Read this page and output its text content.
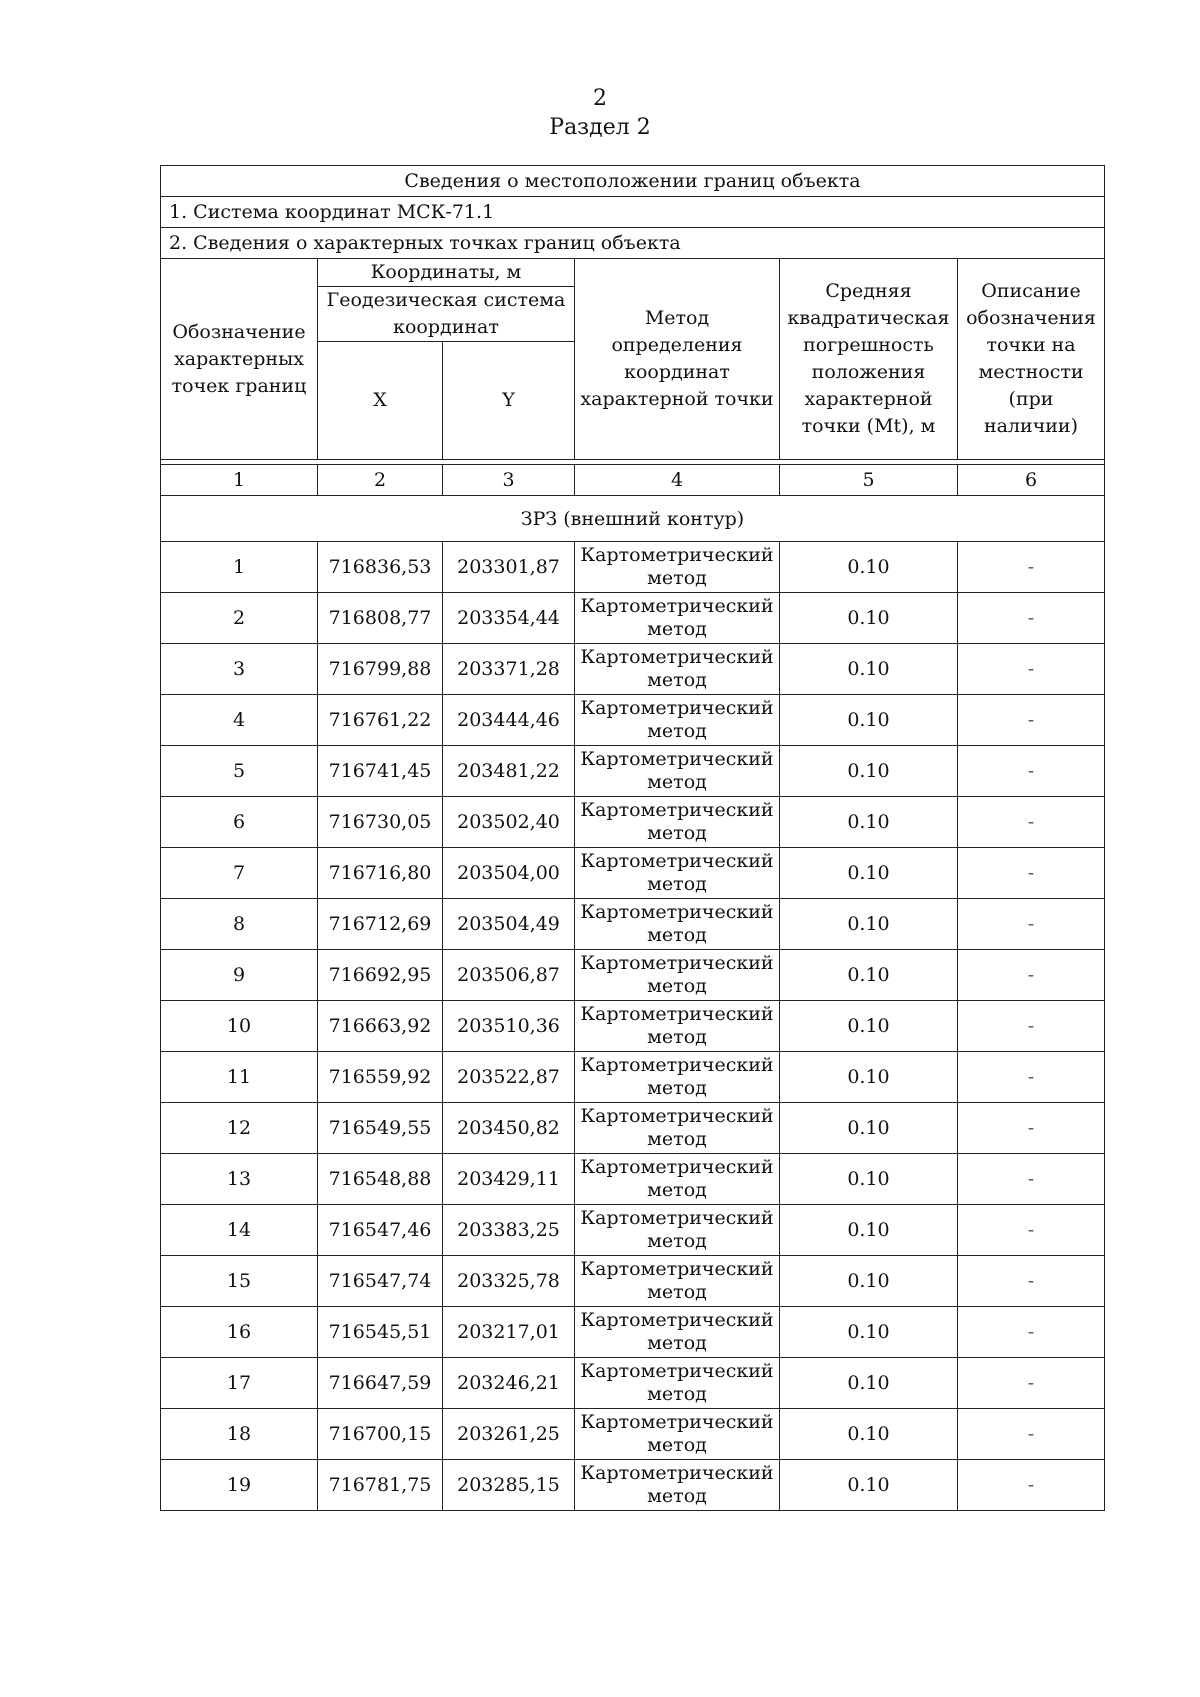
2
Раздел 2
Сведения о местоположении границ объекта					
1. Система координат МСК-71.1					
2. Сведения о характерных точках границ объекта					
Обозначение характерных точек границ	Координаты, м		Метод определения координат характерной точки	Средняя квадратическая погрешность положения характерной точки (Mt), м	Описание обозначения точки на местности (при наличии)
	Геодезическая система координат				
	X	Y			

1	2	3	4	5	6
ЗРЗ (внешний контур)					
1	716836,53	203301,87	Картометрический метод	0.10	-
2	716808,77	203354,44	Картометрический метод	0.10	-
3	716799,88	203371,28	Картометрический метод	0.10	-
4	716761,22	203444,46	Картометрический метод	0.10	-
5	716741,45	203481,22	Картометрический метод	0.10	-
6	716730,05	203502,40	Картометрический метод	0.10	-
7	716716,80	203504,00	Картометрический метод	0.10	-
8	716712,69	203504,49	Картометрический метод	0.10	-
9	716692,95	203506,87	Картометрический метод	0.10	-
10	716663,92	203510,36	Картометрический метод	0.10	-
11	716559,92	203522,87	Картометрический метод	0.10	-
12	716549,55	203450,82	Картометрический метод	0.10	-
13	716548,88	203429,11	Картометрический метод	0.10	-
14	716547,46	203383,25	Картометрический метод	0.10	-
15	716547,74	203325,78	Картометрический метод	0.10	-
16	716545,51	203217,01	Картометрический метод	0.10	-
17	716647,59	203246,21	Картометрический метод	0.10	-
18	716700,15	203261,25	Картометрический метод	0.10	-
19	716781,75	203285,15	Картометрический метод	0.10	-
